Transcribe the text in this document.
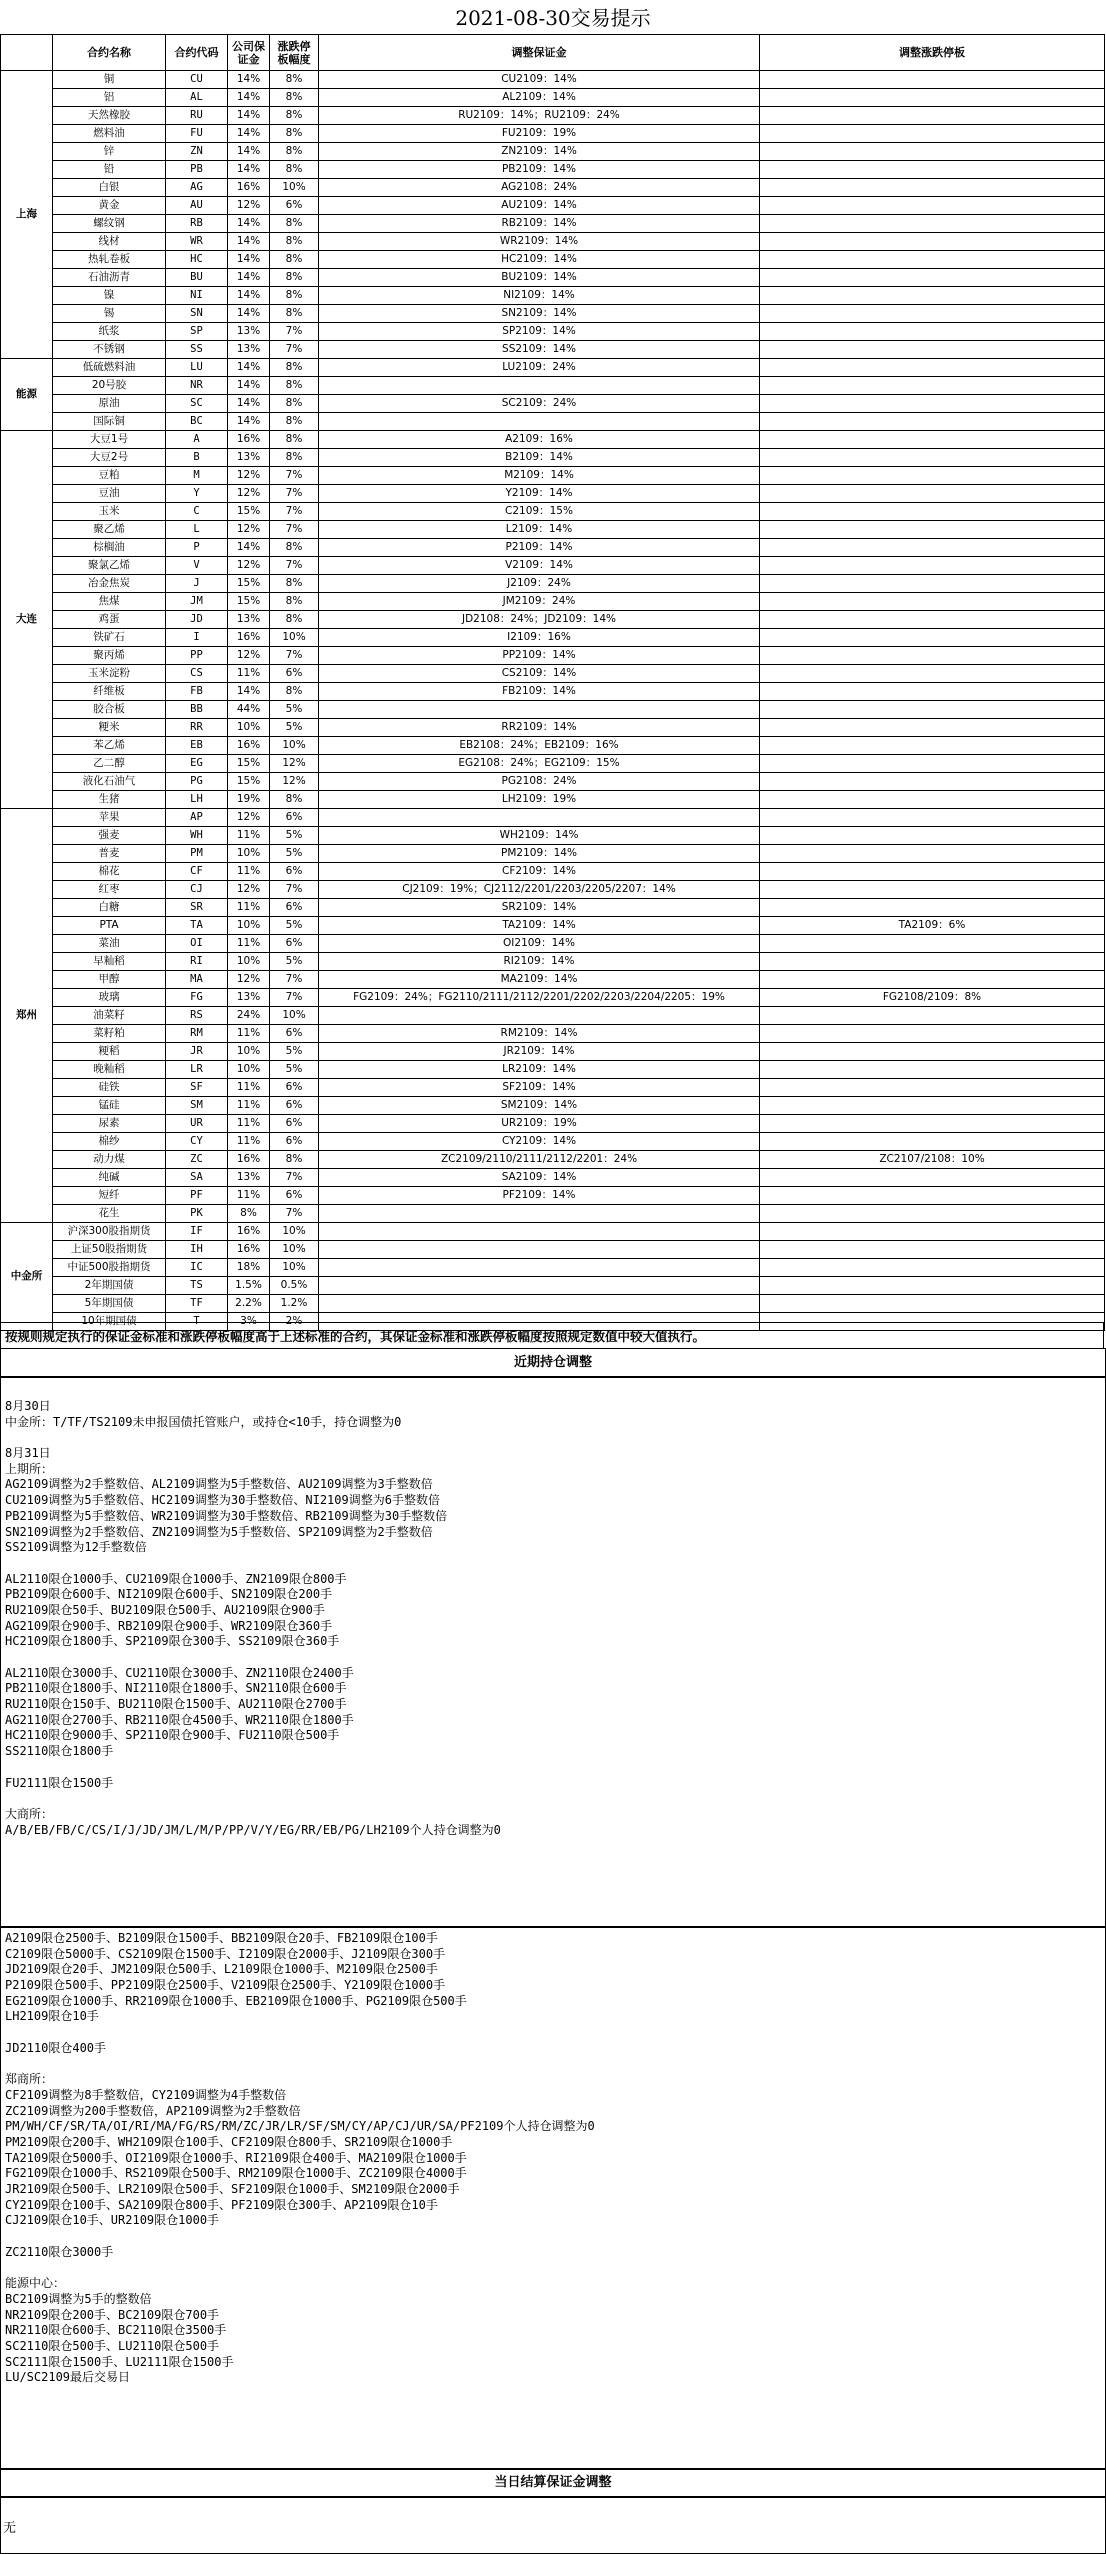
2021-08-30交易提示
	合约名称	合约代码	公司保证金	涨跌停板幅度	调整保证金	调整涨跌停板
上海	铜	CU	14%	8%	CU2109：14%	
	铝	AL	14%	8%	AL2109：14%	
	天然橡胶	RU	14%	8%	RU2109：14%；RU2109：24%	
	燃料油	FU	14%	8%	FU2109：19%	
	锌	ZN	14%	8%	ZN2109：14%	
	铅	PB	14%	8%	PB2109：14%	
	白银	AG	16%	10%	AG2108：24%	
	黄金	AU	12%	6%	AU2109：14%	
	螺纹钢	RB	14%	8%	RB2109：14%	
	线材	WR	14%	8%	WR2109：14%	
	热轧卷板	HC	14%	8%	HC2109：14%	
	石油沥青	BU	14%	8%	BU2109：14%	
	镍	NI	14%	8%	NI2109：14%	
	锡	SN	14%	8%	SN2109：14%	
	纸浆	SP	13%	7%	SP2109：14%	
	不锈钢	SS	13%	7%	SS2109：14%	
能源	低硫燃料油	LU	14%	8%	LU2109：24%	
	20号胶	NR	14%	8%		
	原油	SC	14%	8%	SC2109：24%	
	国际铜	BC	14%	8%		
大连	大豆1号	A	16%	8%	A2109：16%	
	大豆2号	B	13%	8%	B2109：14%	
	豆粕	M	12%	7%	M2109：14%	
	豆油	Y	12%	7%	Y2109：14%	
	玉米	C	15%	7%	C2109：15%	
	聚乙烯	L	12%	7%	L2109：14%	
	棕榈油	P	14%	8%	P2109：14%	
	聚氯乙烯	V	12%	7%	V2109：14%	
	冶金焦炭	J	15%	8%	J2109：24%	
	焦煤	JM	15%	8%	JM2109：24%	
	鸡蛋	JD	13%	8%	JD2108：24%；JD2109：14%	
	铁矿石	I	16%	10%	I2109：16%	
	聚丙烯	PP	12%	7%	PP2109：14%	
	玉米淀粉	CS	11%	6%	CS2109：14%	
	纤维板	FB	14%	8%	FB2109：14%	
	胶合板	BB	44%	5%		
	粳米	RR	10%	5%	RR2109：14%	
	苯乙烯	EB	16%	10%	EB2108：24%；EB2109：16%	
	乙二醇	EG	15%	12%	EG2108：24%；EG2109：15%	
	液化石油气	PG	15%	12%	PG2108：24%	
	生猪	LH	19%	8%	LH2109：19%	
郑州	苹果	AP	12%	6%		
	强麦	WH	11%	5%	WH2109：14%	
	普麦	PM	10%	5%	PM2109：14%	
	棉花	CF	11%	6%	CF2109：14%	
	红枣	CJ	12%	7%	CJ2109：19%；CJ2112/2201/2203/2205/2207：14%	
	白糖	SR	11%	6%	SR2109：14%	
	PTA	TA	10%	5%	TA2109：14%	TA2109：6%
	菜油	OI	11%	6%	OI2109：14%	
	早籼稻	RI	10%	5%	RI2109：14%	
	甲醇	MA	12%	7%	MA2109：14%	
	玻璃	FG	13%	7%	FG2109：24%；FG2110/2111/2112/2201/2202/2203/2204/2205：19%	FG2108/2109：8%
	油菜籽	RS	24%	10%		
	菜籽粕	RM	11%	6%	RM2109：14%	
	粳稻	JR	10%	5%	JR2109：14%	
	晚籼稻	LR	10%	5%	LR2109：14%	
	硅铁	SF	11%	6%	SF2109：14%	
	锰硅	SM	11%	6%	SM2109：14%	
	尿素	UR	11%	6%	UR2109：19%	
	棉纱	CY	11%	6%	CY2109：14%	
	动力煤	ZC	16%	8%	ZC2109/2110/2111/2112/2201：24%	ZC2107/2108：10%
	纯碱	SA	13%	7%	SA2109：14%	
	短纤	PF	11%	6%	PF2109：14%	
	花生	PK	8%	7%		
中金所	沪深300股指期货	IF	16%	10%		
	上证50股指期货	IH	16%	10%		
	中证500股指期货	IC	18%	10%		
	2年期国债	TS	1.5%	0.5%		
	5年期国债	TF	2.2%	1.2%		
	10年期国债	T	3%	2%		
按规则规定执行的保证金标准和涨跌停板幅度高于上述标准的合约，其保证金标准和涨跌停板幅度按照规定数值中较大值执行。
近期持仓调整
8月30日
中金所：T/TF/TS2109未申报国债托管账户，或持仓<10手，持仓调整为0
8月31日
上期所：
AG2109调整为2手整数倍、AL2109调整为5手整数倍、AU2109调整为3手整数倍
CU2109调整为5手整数倍、HC2109调整为30手整数倍、NI2109调整为6手整数倍
PB2109调整为5手整数倍、WR2109调整为30手整数倍、RB2109调整为30手整数倍
SN2109调整为2手整数倍、ZN2109调整为5手整数倍、SP2109调整为2手整数倍
SS2109调整为12手整数倍
AL2110限仓1000手、CU2109限仓1000手、ZN2109限仓800手
PB2109限仓600手、NI2109限仓600手、SN2109限仓200手
RU2109限仓50手、BU2109限仓500手、AU2109限仓900手
AG2109限仓900手、RB2109限仓900手、WR2109限仓360手
HC2109限仓1800手、SP2109限仓300手、SS2109限仓360手
AL2110限仓3000手、CU2110限仓3000手、ZN2110限仓2400手
PB2110限仓1800手、NI2110限仓1800手、SN2110限仓600手
RU2110限仓150手、BU2110限仓1500手、AU2110限仓2700手
AG2110限仓2700手、RB2110限仓4500手、WR2110限仓1800手
HC2110限仓9000手、SP2110限仓900手、FU2110限仓500手
SS2110限仓1800手
FU2111限仓1500手
大商所：
A/B/EB/FB/C/CS/I/J/JD/JM/L/M/P/PP/V/Y/EG/RR/EB/PG/LH2109个人持仓调整为0
A2109限仓2500手、B2109限仓1500手、BB2109限仓20手、FB2109限仓100手
C2109限仓5000手、CS2109限仓1500手、I2109限仓2000手、J2109限仓300手
JD2109限仓20手、JM2109限仓500手、L2109限仓1000手、M2109限仓2500手
P2109限仓500手、PP2109限仓2500手、V2109限仓2500手、Y2109限仓1000手
EG2109限仓1000手、RR2109限仓1000手、EB2109限仓1000手、PG2109限仓500手
LH2109限仓10手
JD2110限仓400手
郑商所：
CF2109调整为8手整数倍，CY2109调整为4手整数倍
ZC2109调整为200手整数倍，AP2109调整为2手整数倍
PM/WH/CF/SR/TA/OI/RI/MA/FG/RS/RM/ZC/JR/LR/SF/SM/CY/AP/CJ/UR/SA/PF2109个人持仓调整为0
PM2109限仓200手、WH2109限仓100手、CF2109限仓800手、SR2109限仓1000手
TA2109限仓5000手、OI2109限仓1000手、RI2109限仓400手、MA2109限仓1000手
FG2109限仓1000手、RS2109限仓500手、RM2109限仓1000手、ZC2109限仓4000手
JR2109限仓500手、LR2109限仓500手、SF2109限仓1000手、SM2109限仓2000手
CY2109限仓100手、SA2109限仓800手、PF2109限仓300手、AP2109限仓10手
CJ2109限仓10手、UR2109限仓1000手
ZC2110限仓3000手
能源中心：
BC2109调整为5手的整数倍
NR2109限仓200手、BC2109限仓700手
NR2110限仓600手、BC2110限仓3500手
SC2110限仓500手、LU2110限仓500手
SC2111限仓1500手、LU2111限仓1500手
LU/SC2109最后交易日
当日结算保证金调整
无
